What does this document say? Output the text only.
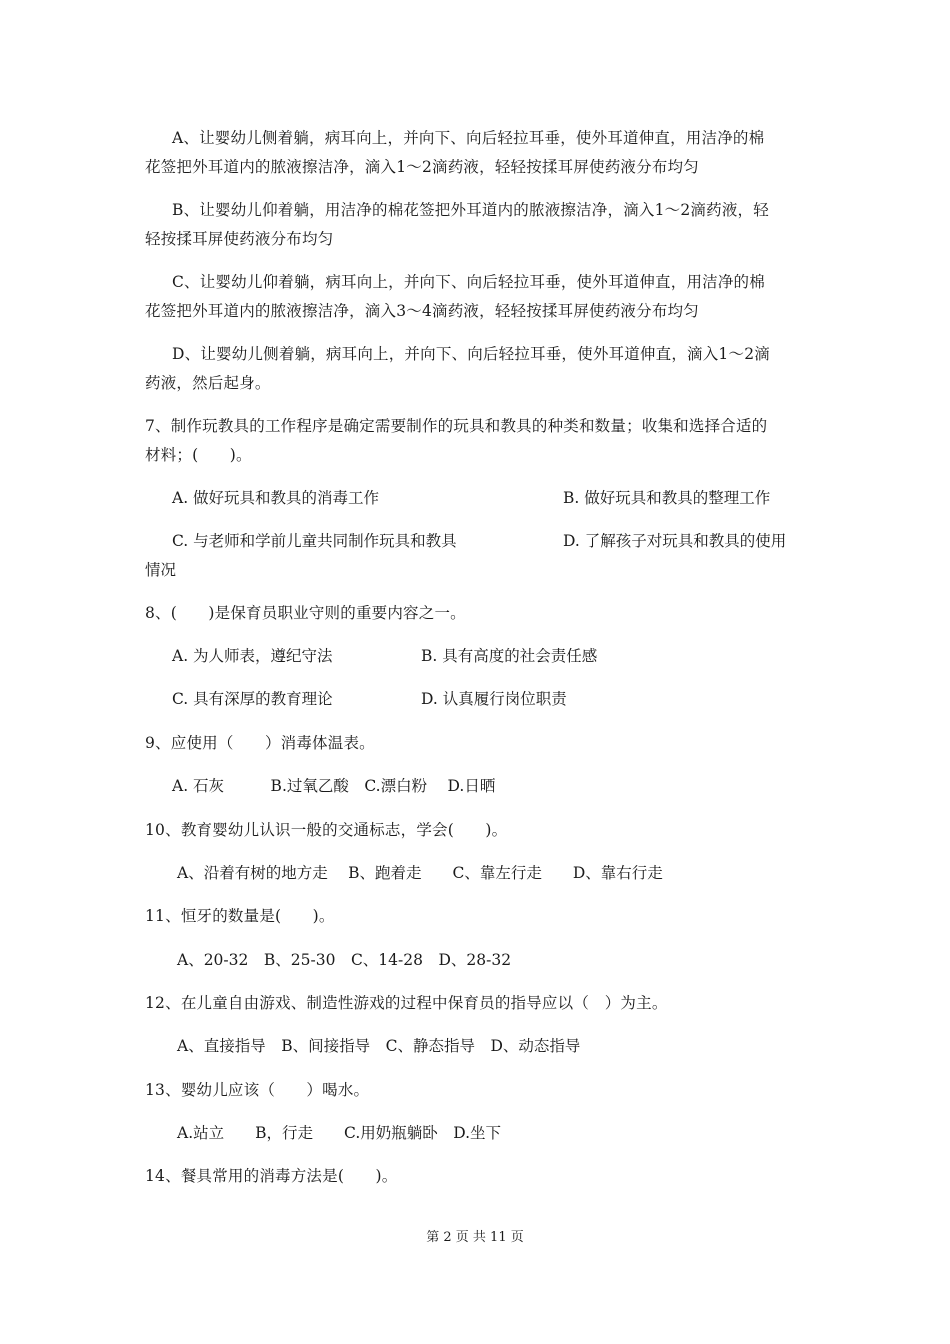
A、让婴幼儿侧着躺，病耳向上，并向下、向后轻拉耳垂，使外耳道伸直，用洁净的棉
花签把外耳道内的脓液擦洁净，滴入1～2滴药液，轻轻按揉耳屏使药液分布均匀
B、让婴幼儿仰着躺，用洁净的棉花签把外耳道内的脓液擦洁净，滴入1～2滴药液，轻
轻按揉耳屏使药液分布均匀
C、让婴幼儿仰着躺，病耳向上，并向下、向后轻拉耳垂，使外耳道伸直，用洁净的棉
花签把外耳道内的脓液擦洁净，滴入3～4滴药液，轻轻按揉耳屏使药液分布均匀
D、让婴幼儿侧着躺，病耳向上，并向下、向后轻拉耳垂，使外耳道伸直，滴入1～2滴
药液，然后起身。
7、制作玩教具的工作程序是确定需要制作的玩具和教具的种类和数量；收集和选择合适的
材料；(　　)。
A. 做好玩具和教具的消毒工作	B. 做好玩具和教具的整理工作
C. 与老师和学前儿童共同制作玩具和教具	D. 了解孩子对玩具和教具的使用
情况
8、(　　)是保育员职业守则的重要内容之一。
A. 为人师表，遵纪守法	B. 具有高度的社会责任感
C. 具有深厚的教育理论	D. 认真履行岗位职责
9、应使用（　　）消毒体温表。
A. 石灰　　　B.过氧乙酸　C.漂白粉　 D.日晒
10、教育婴幼儿认识一般的交通标志，学会(　　)。
A、沿着有树的地方走　 B、跑着走　　C、靠左行走　　D、靠右行走
11、恒牙的数量是(　　)。
A、20-32　B、25-30　C、14-28　D、28-32
12、在儿童自由游戏、制造性游戏的过程中保育员的指导应以（　）为主。
A、直接指导　B、间接指导　C、静态指导　D、动态指导
13、婴幼儿应该（　　）喝水。
A.站立　　B，行走　　C.用奶瓶躺卧　D.坐下
14、餐具常用的消毒方法是(　　)。
第 2 页 共 11 页
